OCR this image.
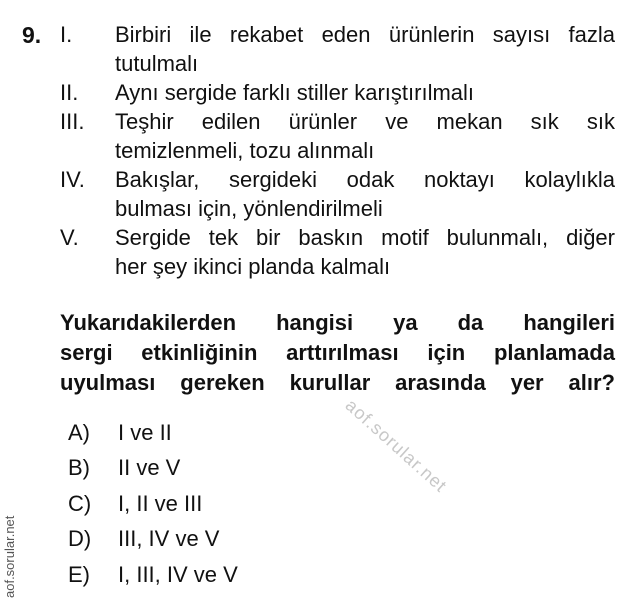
9. I. Birbiri ile rekabet eden ürünlerin sayısı fazla
tutulmalı
II. Aynı sergide farklı stiller karıştırılmalı
III. Teşhir edilen ürünler ve mekan sık sık
temizlenmeli, tozu alınmalı
IV. Bakışlar, sergideki odak noktayı kolaylıkla
bulması için, yönlendirilmeli
V. Sergide tek bir baskın motif bulunmalı, diğer
her şey ikinci planda kalmalı
Yukarıdakilerden hangisi ya da hangileri
sergi etkinliğinin arttırılması için planlamada
uyulması gereken kurullar arasında yer alır?
A) I ve II
B) II ve V
C) I, II ve III
D) III, IV ve V
E) I, III, IV ve V
aof.sorular.net
aof.sorular.net
